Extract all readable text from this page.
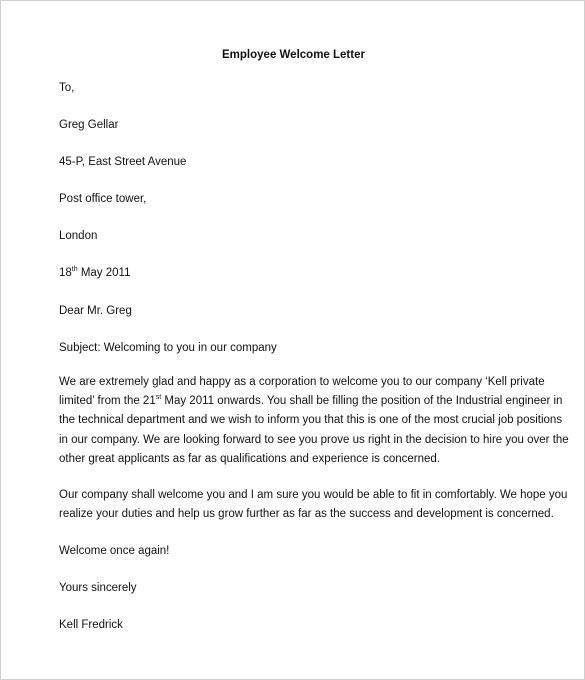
Employee Welcome Letter
To,
Greg Gellar
45-P, East Street Avenue
Post office tower,
London
18th May 2011
Dear Mr. Greg
Subject: Welcoming to you in our company
We are extremely glad and happy as a corporation to welcome you to our company ‘Kell private
limited’ from the 21st May 2011 onwards. You shall be filling the position of the Industrial engineer in
the technical department and we wish to inform you that this is one of the most crucial job positions
in our company. We are looking forward to see you prove us right in the decision to hire you over the
other great applicants as far as qualifications and experience is concerned.
Our company shall welcome you and I am sure you would be able to fit in comfortably. We hope you
realize your duties and help us grow further as far as the success and development is concerned.
Welcome once again!
Yours sincerely
Kell Fredrick
